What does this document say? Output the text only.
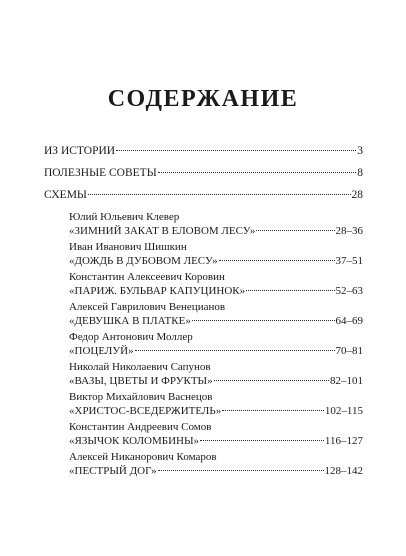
СОДЕРЖАНИЕ
ИЗ ИСТОРИИ	3
ПОЛЕЗНЫЕ СОВЕТЫ	8
СХЕМЫ	28
Юлий Юльевич Клевер
«ЗИМНИЙ ЗАКАТ В ЕЛОВОМ ЛЕСУ»	28–36
Иван Иванович Шишкин
«ДОЖДЬ В ДУБОВОМ ЛЕСУ»	37–51
Константин Алексеевич Коровин
«ПАРИЖ. БУЛЬВАР КАПУЦИНОК»	52–63
Алексей Гаврилович Венецианов
«ДЕВУШКА В ПЛАТКЕ»	64–69
Федор Антонович Моллер
«ПОЦЕЛУЙ»	70–81
Николай Николаевич Сапунов
«ВАЗЫ, ЦВЕТЫ И ФРУКТЫ»	82–101
Виктор Михайлович Васнецов
«ХРИСТОС-ВСЕДЕРЖИТЕЛЬ»	102–115
Константин Андреевич Сомов
«ЯЗЫЧОК КОЛОМБИНЫ»	116–127
Алексей Никанорович Комаров
«ПЕСТРЫЙ ДОГ»	128–142
